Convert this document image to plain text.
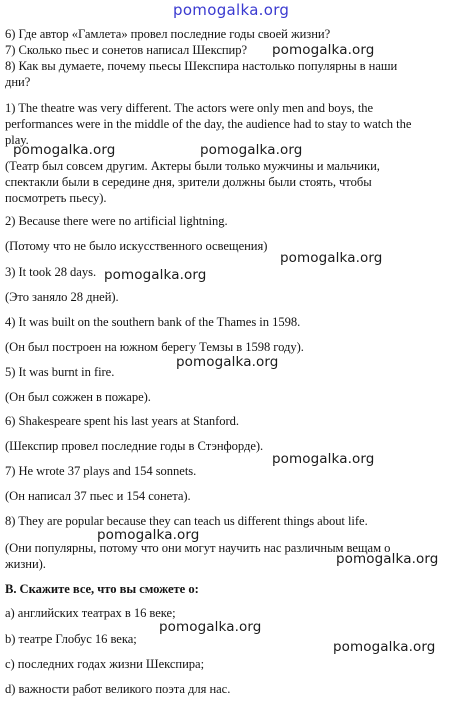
pomogalka.org
6) Где автор «Гамлета» провел последние годы своей жизни?
7) Сколько пьес и сонетов написал Шекспир?
8) Как вы думаете, почему пьесы Шекспира настолько популярны в наши
дни?
1) The theatre was very different. The actors were only men and boys, the
performances were in the middle of the day, the audience had to stay to watch the
play.
(Театр был совсем другим. Актеры были только мужчины и мальчики,
спектакли были в середине дня, зрители должны были стоять, чтобы
посмотреть пьесу).
2) Because there were no artificial lightning.
(Потому что не было искусственного освещения)
3) It took 28 days.
(Это заняло 28 дней).
4) It was built on the southern bank of the Thames in 1598.
(Он был построен на южном берегу Темзы в 1598 году).
5) It was burnt in fire.
(Он был сожжен в пожаре).
6) Shakespeare spent his last years at Stanford.
(Шекспир провел последние годы в Стэнфорде).
7) He wrote 37 plays and 154 sonnets.
(Он написал 37 пьес и 154 сонета).
8) They are popular because they can teach us different things about life.
(Они популярны, потому что они могут научить нас различным вещам о
жизни).
В. Скажите все, что вы сможете о:
a) английских театрах в 16 веке;
b) театре Глобус 16 века;
c) последних годах жизни Шекспира;
d) важности работ великого поэта для нас.
pomogalka.org
pomogalka.org	pomogalka.org
pomogalka.org
pomogalka.org
pomogalka.org
pomogalka.org
pomogalka.org
pomogalka.org
pomogalka.org
pomogalka.org
